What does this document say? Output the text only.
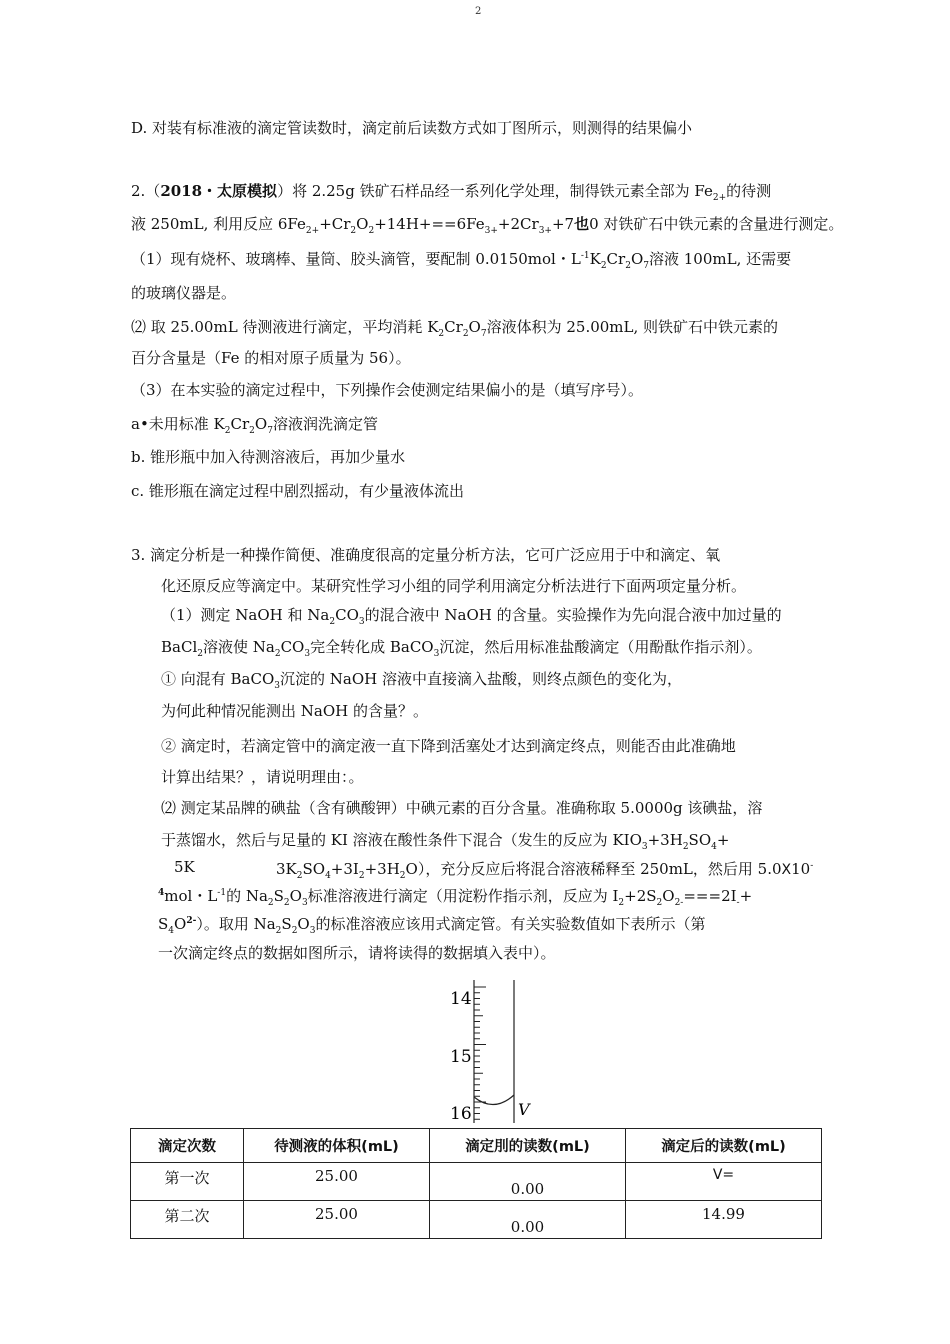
2
D. 对装有标准液的滴定管读数时，滴定前后读数方式如丁图所示，则测得的结果偏小
2.（2018・太原模拟）将 2.25g 铁矿石样品经一系列化学处理，制得铁元素全部为 $Fe_{2+}$的待测
液 250mL, 利用反应 $6Fe_{2+}+Cr_2O_2+14H+==6Fe_{3+}+2Cr_{3+}+7$也0 对铁矿石中铁元素的含量进行测定。
（1）现有烧杯、玻璃棒、量筒、胶头滴管，要配制 0.0150mol・$L^{-1}K_2Cr_2O_7$溶液 100mL, 还需要
的玻璃仪器是。
⑵ 取 25.00mL 待测液进行滴定，平均消耗 $K_2Cr_2O_7$溶液体积为 25.00mL, 则铁矿石中铁元素的
百分含量是（Fe 的相对原子质量为 56）。
（3）在本实验的滴定过程中，下列操作会使测定结果偏小的是（填写序号）。
a•未用标准 $K_2Cr_2O_7$溶液润洗滴定管
b. 锥形瓶中加入待测溶液后，再加少量水
c. 锥形瓶在滴定过程中剧烈摇动，有少量液体流出
3. 滴定分析是一种操作简便、准确度很高的定量分析方法，它可广泛应用于中和滴定、氧
化还原反应等滴定中。某研究性学习小组的同学利用滴定分析法进行下面两项定量分析。
（1）测定 NaOH 和 $Na_2CO_3$的混合液中 NaOH 的含量。实验操作为先向混合液中加过量的
BaCl$_2$溶液使 $Na_2CO_3$完全转化成 BaCO$_3$沉淀，然后用标准盐酸滴定（用酚酞作指示剂）。
① 向混有 BaCO$_3$沉淀的 NaOH 溶液中直接滴入盐酸，则终点颜色的变化为，
为何此种情况能测出 NaOH 的含量？。
② 滴定时，若滴定管中的滴定液一直下降到活塞处才达到滴定终点，则能否由此准确地
计算出结果？，请说明理由：。
⑵ 测定某品牌的碘盐（含有碘酸钾）中碘元素的百分含量。准确称取 5.0000g 该碘盐，溶
于蒸馏水，然后与足量的 KI 溶液在酸性条件下混合（发生的反应为 $KIO_3+3H_2SO_4+$
5K	$3K_2SO_4+3I_2+3H_2O$），充分反应后将混合溶液稀释至 250mL，然后用 5.0X10-
$^4$mol・$L^{-1}$的 $Na_2S_2O_3$标准溶液进行滴定（用淀粉作指示剂，反应为 $I_2+2S_2O_{2-}===2I_-+$
$S_4O^{2-}$）。取用 $Na_2S_2O_3$的标准溶液应该用式滴定管。有关实验数值如下表所示（第
一次滴定终点的数据如图所示，请将读得的数据填入表中）。
14
15
16	V
滴定次数	待测液的体积(mL)	滴定刖的读数(mL)	滴定后的读数(mL)
第一次	25.00	0.00	V=
第二次	25.00	0.00	14.99
